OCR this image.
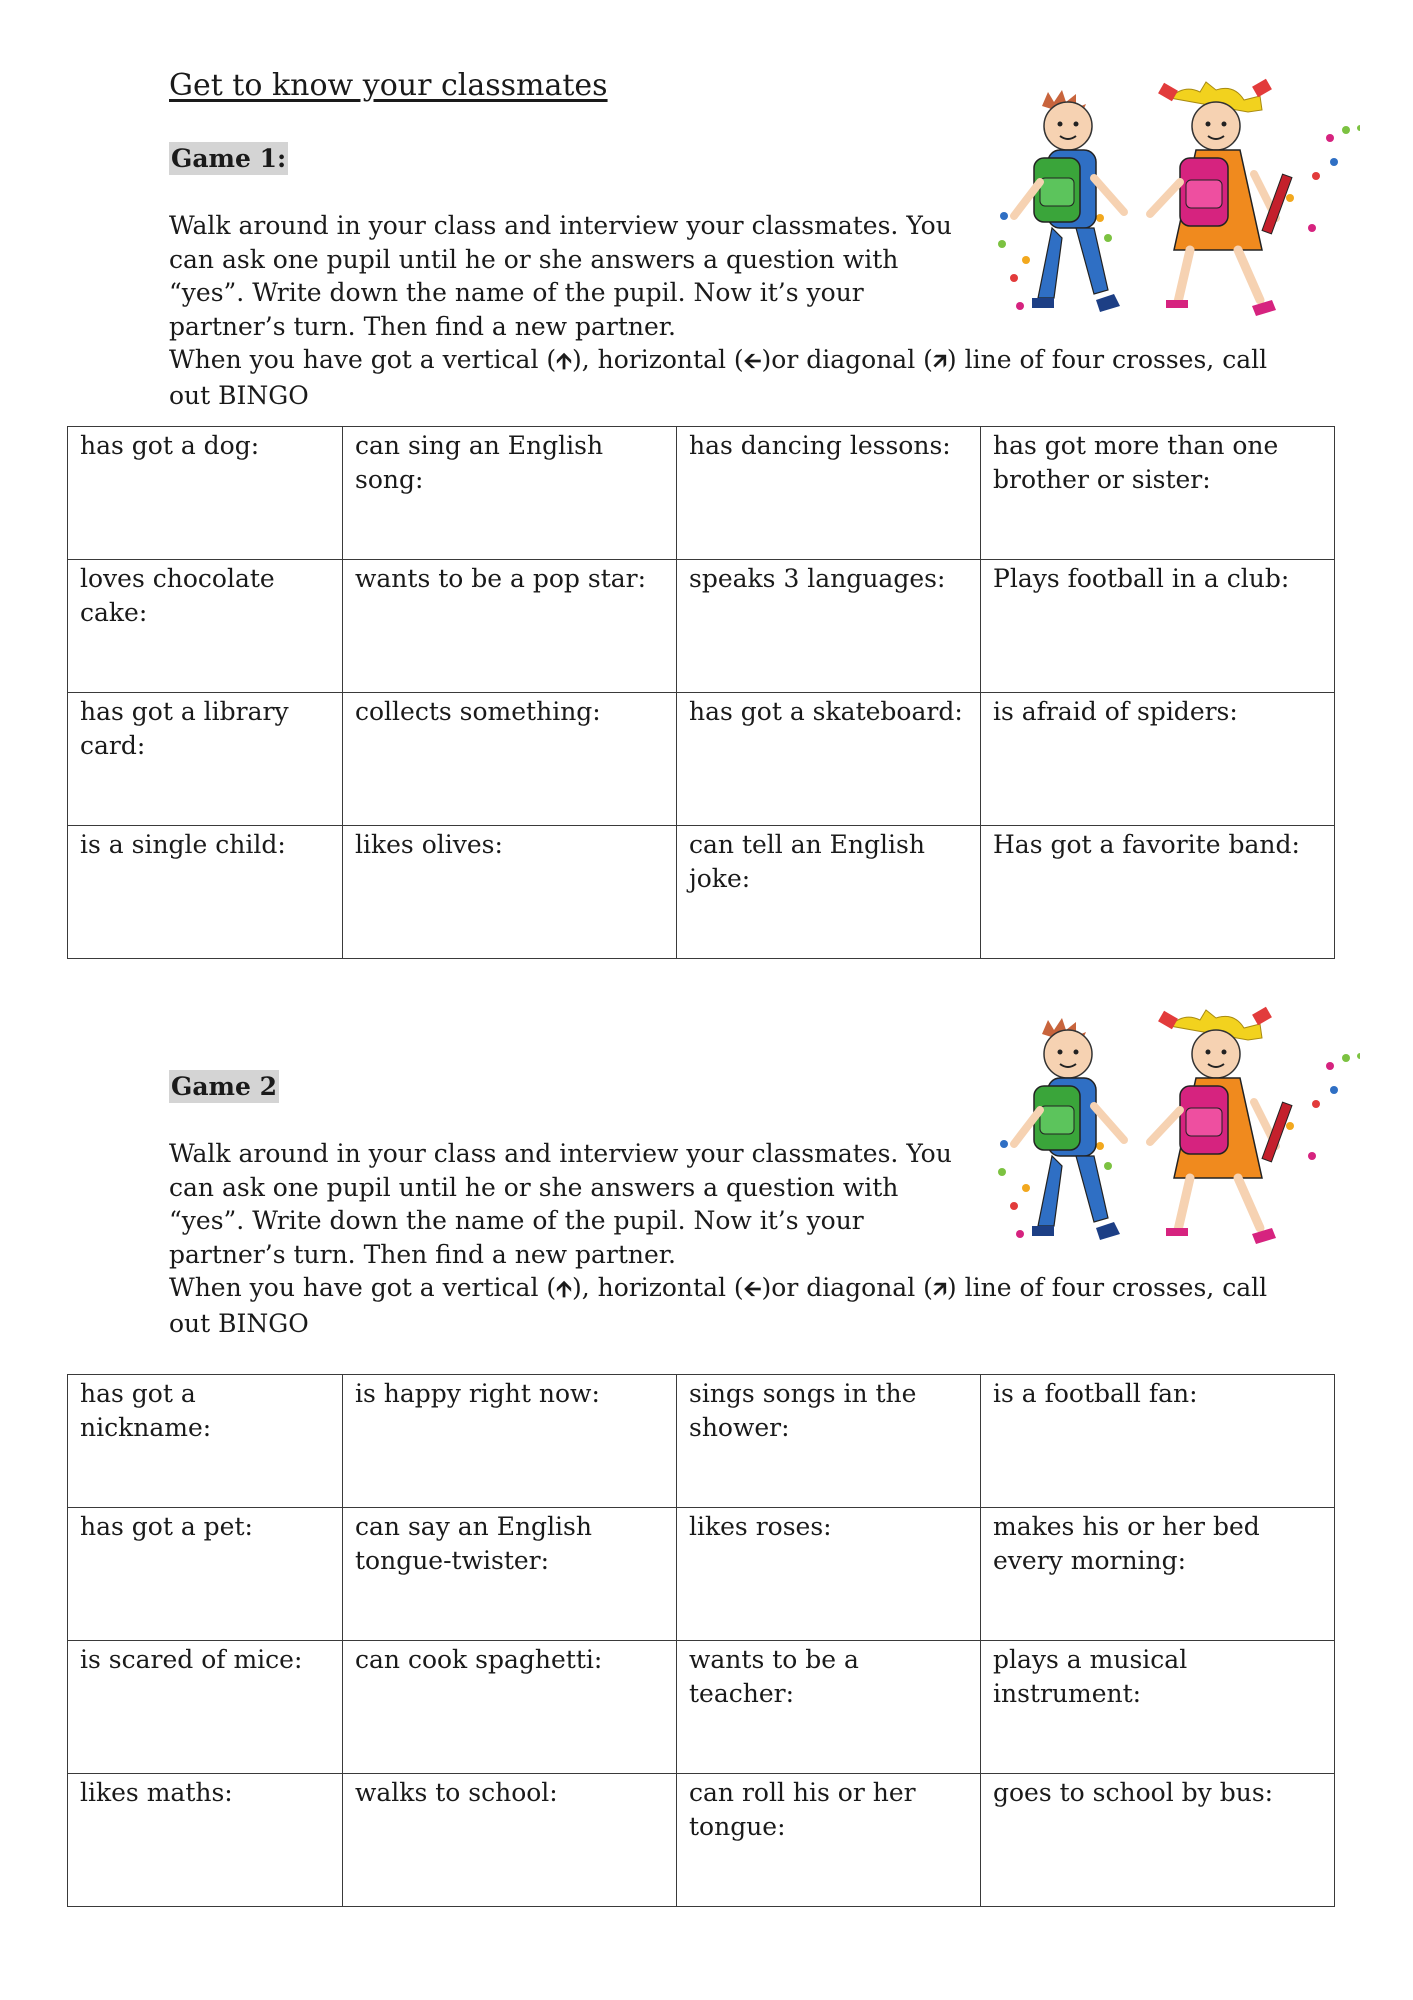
Get to know your classmates
Game 1:
Walk around in your class and interview your classmates. You can ask one pupil until he or she answers a question with “yes”. Write down the name of the pupil. Now it’s your partner’s turn. Then find a new partner.
When you have got a vertical (🡩), horizontal (🡨)or diagonal (🡭) line of four crosses, call out BINGO
has got a dog:	can sing an English song:	has dancing lessons:	has got more than one brother or sister:
loves chocolate cake:	wants to be a pop star:	speaks 3 languages:	Plays football in a club:
has got a library card:	collects something:	has got a skateboard:	is afraid of spiders:
is a single child:	likes olives:	can tell an English joke:	Has got a favorite band:
Game 2
Walk around in your class and interview your classmates. You can ask one pupil until he or she answers a question with “yes”. Write down the name of the pupil. Now it’s your partner’s turn. Then find a new partner.
When you have got a vertical (🡩), horizontal (🡨)or diagonal (🡭) line of four crosses, call out BINGO
has got a nickname:	is happy right now:	sings songs in the shower:	is a football fan:
has got a pet:	can say an English tongue-twister:	likes roses:	makes his or her bed every morning:
is scared of mice:	can cook spaghetti:	wants to be a teacher:	plays a musical instrument:
likes maths:	walks to school:	can roll his or her tongue:	goes to school by bus:
